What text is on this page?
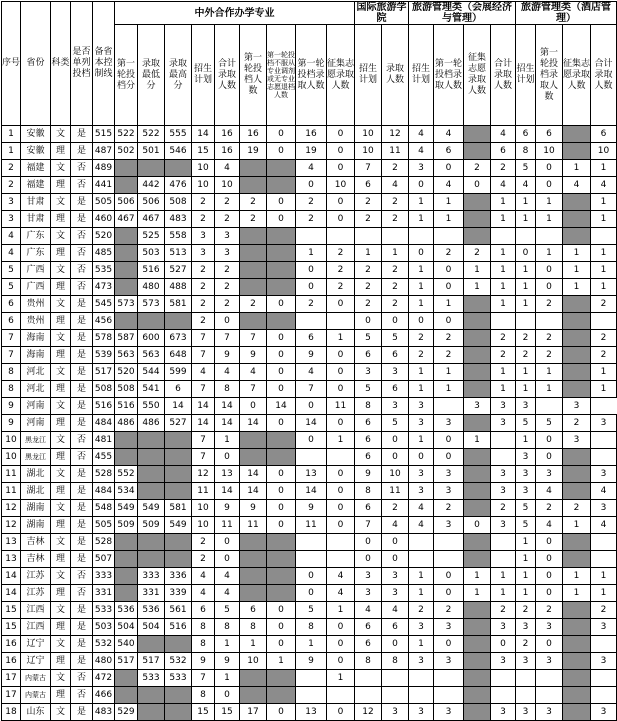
序号	省份	科类	是否单列投档	备省本控制线	中外合作办学专业									国际旅游学院		旅游管理类（会展经济与管理）				旅游管理类（酒店管理）			
					第一轮投档分	录取最低分	录取最高分	招生计划	合计录取人数	第一轮投档人数	第一轮投档不服从专业调剂或无专业志愿退档人数	第一轮投档录取人数	征集志愿录取人数	招生计划	录取人数	招生计划	第一轮投档录取人数	征集志愿录取人数	合计录取人数	招生计划	第一轮投档录取人数	征集志愿录取人数	合计录取人数
1	安徽	文	是	515	522	522	555	14	16	16	0	16	0	10	12	4	4		4	6	6		6
1	安徽	理	是	487	502	501	546	15	16	19	0	19	0	10	11	4	6		6	8	10		10
2	福建	文	否	489				10	4			4	0	7	2	3	0	2	2	5	0	1	1
2	福建	理	否	441		442	476	10	10			0	10	6	4	0	4	0	4	4	0	4	4
3	甘肃	文	是	505	506	506	508	2	2	2	0	2	0	2	2	1	1		1	1	1		1
3	甘肃	理	是	460	467	467	483	2	2	2	0	2	0	2	2	1	1		1	1	1		1
4	广东	文	否	520		525	558	3	3														
4	广东	理	否	485		503	513	3	3			1	2	1	1	0	2	2	1	0	1	1	1
5	广西	文	否	535		516	527	2	2			0	2	2	2	1	0	1	1	1	0	1	1
5	广西	理	否	473		480	488	2	2			0	2	2	2	1	0	1	1	1	0	1	1
6	贵州	文	是	545	573	573	581	2	2	2	0	2	0	2	2	1	1		1	1	2		2
6	贵州	理	是	456				2	0					0	0	0	0						
7	海南	文	是	578	587	600	673	7	7	7	0	6	1	5	5	2	2		2	2	2		2
7	海南	理	是	539	563	563	648	7	9	9	0	9	0	6	6	2	2		2	2	2		2
8	河北	文	是	517	520	544	599	4	4	4	0	4	0	3	3	1	1		1	1	1		1
8	河北	理	是	508	508	541	6	7	8	7	0	7	0	5	6	1	1		1	1	1		1
9	河南	文	是	516	516	550	14	14	14	0	14	0	11	8	3	3		3	3	3		3	
9	河南	理	是	484	486	486	527	14	14	14	0	14	0	6	5	3	3		3	5	5	2	3
10	黑龙江	文	否	481				7	1			0	1	6	0	1	0	1		1	0	3	
10	黑龙江	理	否	455				7	0					6	0	0	0			3	0		
11	湖北	文	是	528	552			12	13	14	0	13	0	9	10	3	3		3	3	3		3
11	湖北	理	是	484	534			11	14	14	0	14	0	8	11	3	3		3	3	4		4
12	湖南	文	是	548	549	549	581	10	9	9	0	9	0	6	2	4	2		2	5	2	2	3
12	湖南	理	是	505	509	509	549	10	11	11	0	11	0	7	4	4	3	0	3	5	4	1	4
13	吉林	文	是	528				2	0					0	0					1	0		
13	吉林	理	是	507				2	0					0	0					1	0		
14	江苏	文	否	333		333	336	4	4			0	4	3	3	1	0	1	1	1	0	1	1
14	江苏	理	否	331		331	339	4	4			0	4	3	3	1	0	1	1	1	0	1	1
15	江西	文	是	533	536	536	561	6	5	6	0	5	1	4	4	2	2		2	2	2		2
15	江西	理	是	503	504	504	516	8	8	8	0	8	0	6	6	3	3		3	3	3		3
16	辽宁	文	是	532	540			8	1	1	0	1	0	6	0	1	0		0	2	0		
16	辽宁	理	是	480	517	517	532	9	9	10	1	9	0	8	8	3	3		3	3	3		3
17	内蒙古	文	否	472		533	533	7	1				1										
17	内蒙古	理	否	466				8	0														
18	山东	文	是	483	529			15	15	17	0	13	0	12	3	3	3		3	3	3		3
